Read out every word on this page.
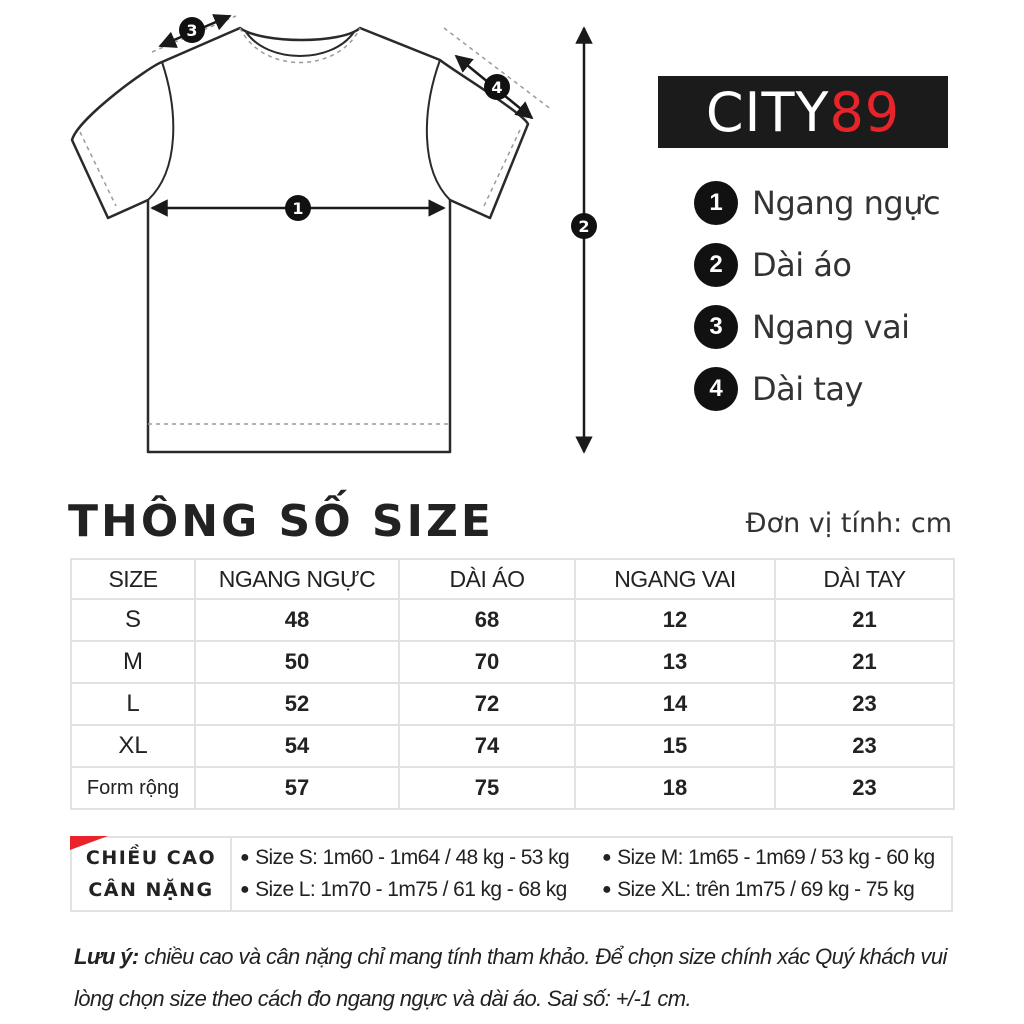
1
2
3
4	CITY 89
1 Ngang ngực
2 Dài áo
3 Ngang vai
4 Dài tay
THÔNG SỐ SIZE	Đơn vị tính: cm
SIZE	NGANG NGỰC	DÀI ÁO	NGANG VAI	DÀI TAY
S	48	68	12	21
M	50	70	13	21
L	52	72	14	23
XL	54	74	15	23
Form rộng	57	75	18	23
CHIỀU CAO
CÂN NẶNG
● Size S: 1m60 - 1m64 / 48 kg - 53 kg ● Size M: 1m65 - 1m69 / 53 kg - 60 kg
● Size L: 1m70 - 1m75 / 61 kg - 68 kg ● Size XL: trên 1m75 / 69 kg - 75 kg
Lưu ý: chiều cao và cân nặng chỉ mang tính tham khảo. Để chọn size chính xác Quý khách vui lòng chọn size theo cách đo ngang ngực và dài áo. Sai số: +/-1 cm.
